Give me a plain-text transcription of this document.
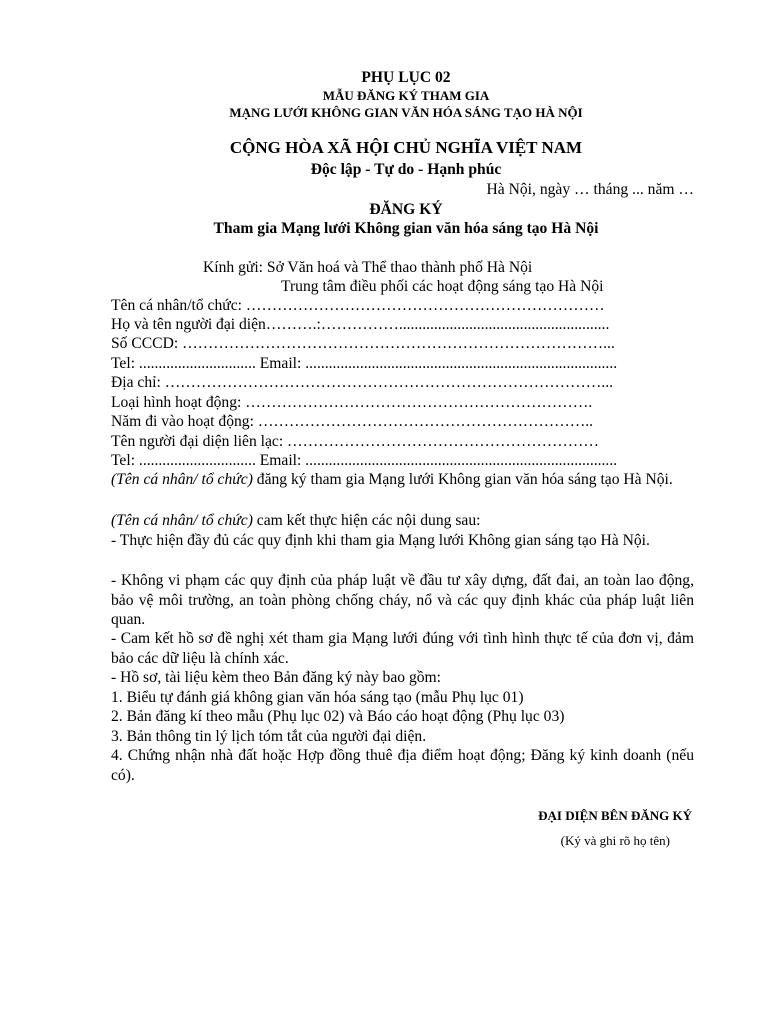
PHỤ LỤC 02
MẪU ĐĂNG KÝ THAM GIA
MẠNG LƯỚI KHÔNG GIAN VĂN HÓA SÁNG TẠO HÀ NỘI
CỘNG HÒA XÃ HỘI CHỦ NGHĨA VIỆT NAM
Độc lập - Tự do - Hạnh phúc
Hà Nội, ngày … tháng ... năm …
ĐĂNG KÝ
Tham gia Mạng lưới Không gian văn hóa sáng tạo Hà Nội
Kính gửi: Sở Văn hoá và Thể thao thành phố Hà Nội
Trung tâm điều phối các hoạt động sáng tạo Hà Nội
Tên cá nhân/tổ chức: ……………………………………………………………
Họ và tên người đại diện……….:……………......................................................
Số CCCD: ………………………………………………………………………...
Tel: .............................. Email: ................................................................................
Địa chỉ: …………………………………………………………………………...
Loại hình hoạt động: ………………………………………………………….
Năm đi vào hoạt động: ………………………………………………………..
Tên người đại diện liên lạc: ……………………………………………………
Tel: .............................. Email: ................................................................................
(Tên cá nhân/ tổ chức) đăng ký tham gia Mạng lưới Không gian văn hóa sáng tạo Hà Nội.
(Tên cá nhân/ tổ chức) cam kết thực hiện các nội dung sau:
- Thực hiện đầy đủ các quy định khi tham gia Mạng lưới Không gian sáng tạo Hà Nội.
- Không vi phạm các quy định của pháp luật về đầu tư xây dựng, đất đai, an toàn lao động, bảo vệ môi trường, an toàn phòng chống cháy, nổ và các quy định khác của pháp luật liên quan.
- Cam kết hồ sơ đề nghị xét tham gia Mạng lưới đúng với tình hình thực tế của đơn vị, đảm bảo các dữ liệu là chính xác.
- Hồ sơ, tài liệu kèm theo Bản đăng ký này bao gồm:
1. Biểu tự đánh giá không gian văn hóa sáng tạo (mẫu Phụ lục 01)
2. Bản đăng kí theo mẫu (Phụ lục 02) và Báo cáo hoạt động (Phụ lục 03)
3. Bản thông tin lý lịch tóm tắt của người đại diện.
4. Chứng nhận nhà đất hoặc Hợp đồng thuê địa điểm hoạt động; Đăng ký kinh doanh (nếu có).
ĐẠI DIỆN BÊN ĐĂNG KÝ
(Ký và ghi rõ họ tên)
